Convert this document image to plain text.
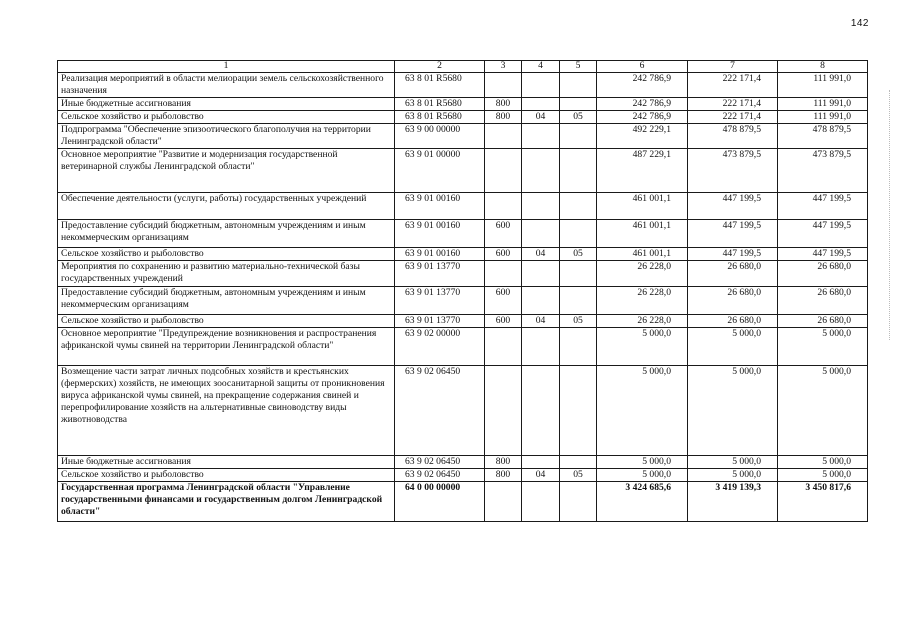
142
1	2	3	4	5	6	7	8
Реализация мероприятий в области мелиорации земель сельскохозяйственного назначения	63 8 01 R5680				242 786,9	222 171,4	111 991,0
Иные бюджетные ассигнования	63 8 01 R5680	800			242 786,9	222 171,4	111 991,0
Сельское хозяйство и рыболовство	63 8 01 R5680	800	04	05	242 786,9	222 171,4	111 991,0
Подпрограмма "Обеспечение эпизоотического благополучия на территории Ленинградской области"	63 9 00 00000				492 229,1	478 879,5	478 879,5
Основное мероприятие "Развитие и модернизация государственной ветеринарной службы Ленинградской области"	63 9 01 00000				487 229,1	473 879,5	473 879,5
Обеспечение деятельности (услуги, работы) государственных учреждений	63 9 01 00160				461 001,1	447 199,5	447 199,5
Предоставление субсидий бюджетным, автономным учреждениям и иным некоммерческим организациям	63 9 01 00160	600			461 001,1	447 199,5	447 199,5
Сельское хозяйство и рыболовство	63 9 01 00160	600	04	05	461 001,1	447 199,5	447 199,5
Мероприятия по сохранению и развитию материально-технической базы государственных учреждений	63 9 01 13770				26 228,0	26 680,0	26 680,0
Предоставление субсидий бюджетным, автономным учреждениям и иным некоммерческим организациям	63 9 01 13770	600			26 228,0	26 680,0	26 680,0
Сельское хозяйство и рыболовство	63 9 01 13770	600	04	05	26 228,0	26 680,0	26 680,0
Основное мероприятие "Предупреждение возникновения и распространения африканской чумы свиней на территории Ленинградской области"	63 9 02 00000				5 000,0	5 000,0	5 000,0
Возмещение части затрат личных подсобных хозяйств и крестьянских (фермерских) хозяйств, не имеющих зоосанитарной защиты от проникновения вируса африканской чумы свиней, на прекращение содержания свиней и перепрофилирование хозяйств на альтернативные свиноводству виды животноводства	63 9 02 06450				5 000,0	5 000,0	5 000,0
Иные бюджетные ассигнования	63 9 02 06450	800			5 000,0	5 000,0	5 000,0
Сельское хозяйство и рыболовство	63 9 02 06450	800	04	05	5 000,0	5 000,0	5 000,0
Государственная программа Ленинградской области "Управление государственными финансами и государственным долгом Ленинградской области"	64 0 00 00000				3 424 685,6	3 419 139,3	3 450 817,6
